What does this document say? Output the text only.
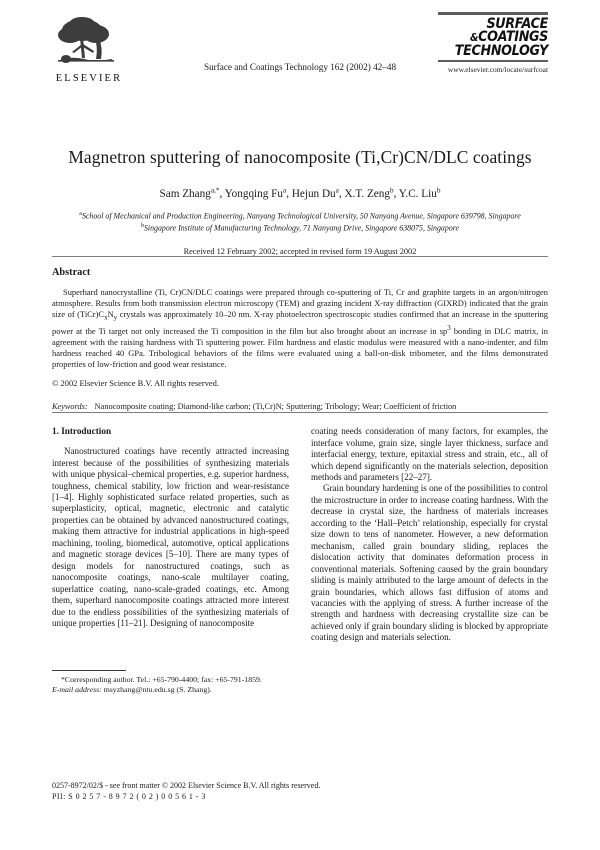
ELSEVIER
Surface and Coatings Technology 162 (2002) 42–48
SURFACE
&COATINGS
TECHNOLOGY
www.elsevier.com/locate/surfcoat
Magnetron sputtering of nanocomposite (Ti,Cr)CN/DLC coatings
Sam Zhang$^{a,*}$, Yongqing Fu$^a$, Hejun Du$^a$, X.T. Zeng$^b$, Y.C. Liu$^b$
$^a$School of Mechanical and Production Engineering, Nanyang Technological University, 50 Nanyang Avenue, Singapore 639798, Singapore
$^b$Singapore Institute of Manufacturing Technology, 71 Nanyang Drive, Singapore 638075, Singapore
Received 12 February 2002; accepted in revised form 19 August 2002
Abstract

Superhard nanocrystalline (Ti, Cr)CN/DLC coatings were prepared through co-sputtering of Ti, Cr and graphite targets in an argon/nitrogen atmosphere. Results from both transmission electron microscopy (TEM) and grazing incident X-ray diffraction (GIXRD) indicated that the grain size of $(TiCr)C_xN_y$ crystals was approximately 10–20 nm. X-ray photoelectron spectroscopic studies confirmed that an increase in the sputtering power at the Ti target not only increased the Ti composition in the film but also brought about an increase in $sp^3$ bonding in DLC matrix, in agreement with the raising hardness with Ti sputtering power. Film hardness and elastic modulus were measured with a nano-indenter, and film hardness reached 40 GPa. Tribological behaviors of the films were evaluated using a ball-on-disk tribometer, and the films demonstrated properties of low-friction and good wear resistance.

© 2002 Elsevier Science B.V. All rights reserved.

Keywords: Nanocomposite coating; Diamond-like carbon; (Ti,Cr)N; Sputtering; Tribology; Wear; Coefficient of friction
1. Introduction

Nanostructured coatings have recently attracted increasing interest because of the possibilities of synthesizing materials with unique physical–chemical properties, e.g. superior hardness, toughness, chemical stability, low friction and wear-resistance [1–4]. Highly sophisticated surface related properties, such as superplasticity, optical, magnetic, electronic and catalytic properties can be obtained by advanced nanostructured coatings, making them attractive for industrial applications in high-speed machining, tooling, biomedical, automotive, optical applications and magnetic storage devices [5–10]. There are many types of design models for nanostructured coatings, such as nanocomposite coatings, nano-scale multilayer coating, superlattice coating, nano-scale-graded coatings, etc. Among them, superhard nanocomposite coatings attracted more interest due to the endless possibilities of the synthesizing materials of unique properties [11–21]. Designing of nanocomposite

*Corresponding author. Tel.: +65-790-4400; fax: +65-791-1859.
E-mail address: msyzhang@ntu.edu.sg (S. Zhang).

coating needs consideration of many factors, for examples, the interface volume, grain size, single layer thickness, surface and interfacial energy, texture, epitaxial stress and strain, etc., all of which depend significantly on the materials selection, deposition methods and parameters [22–27].

Grain boundary hardening is one of the possibilities to control the microstructure in order to increase coating hardness. With the decrease in crystal size, the hardness of materials increases according to the ‘Hall–Petch’ relationship, especially for crystal size down to tens of nanometer. However, a new deformation mechanism, called grain boundary sliding, replaces the dislocation activity that dominates deformation process in conventional materials. Softening caused by the grain boundary sliding is mainly attributed to the large amount of defects in the grain boundaries, which allows fast diffusion of atoms and vacancies with the applying of stress. A further increase of the strength and hardness with decreasing crystallite size can be achieved only if grain boundary sliding is blocked by appropriate coating design and materials selection.

0257-8972/02/$ - see front matter © 2002 Elsevier Science B.V. All rights reserved.
PII: S 0 2 5 7 - 8 9 7 2 ( 0 2 ) 0 0 5 6 1 - 3
